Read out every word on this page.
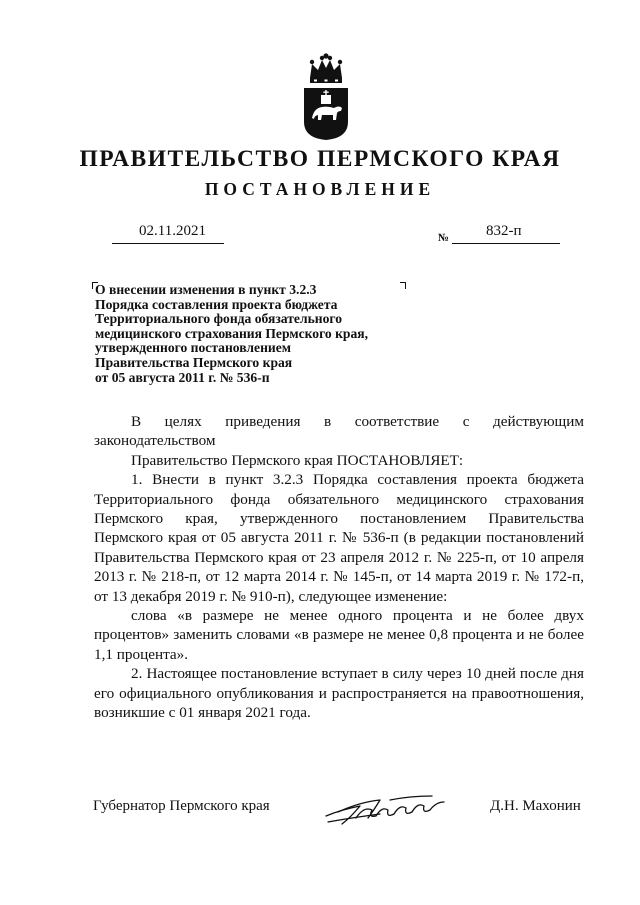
ПРАВИТЕЛЬСТВО ПЕРМСКОГО КРАЯ
ПОСТАНОВЛЕНИЕ
02.11.2021	№ 832-п
О внесении изменения в пункт 3.2.3
Порядка составления проекта бюджета
Территориального фонда обязательного
медицинского страхования Пермского края,
утвержденного постановлением
Правительства Пермского края
от 05 августа 2011 г. № 536-п
В целях приведения в соответствие с действующим
законодательством
Правительство Пермского края ПОСТАНОВЛЯЕТ:
1. Внести в пункт 3.2.3 Порядка составления проекта бюджета
Территориального фонда обязательного медицинского страхования
Пермского края, утвержденного постановлением Правительства
Пермского края от 05 августа 2011 г. № 536-п (в редакции постановлений
Правительства Пермского края от 23 апреля 2012 г. № 225-п, от 10 апреля
2013 г. № 218-п, от 12 марта 2014 г. № 145-п, от 14 марта 2019 г. № 172-п,
от 13 декабря 2019 г. № 910-п), следующее изменение:
слова «в размере не менее одного процента и не более двух
процентов» заменить словами «в размере не менее 0,8 процента и не более
1,1 процента».
2. Настоящее постановление вступает в силу через 10 дней после дня
его официального опубликования и распространяется на правоотношения,
возникшие с 01 января 2021 года.
Губернатор Пермского края	Д.Н. Махонин
